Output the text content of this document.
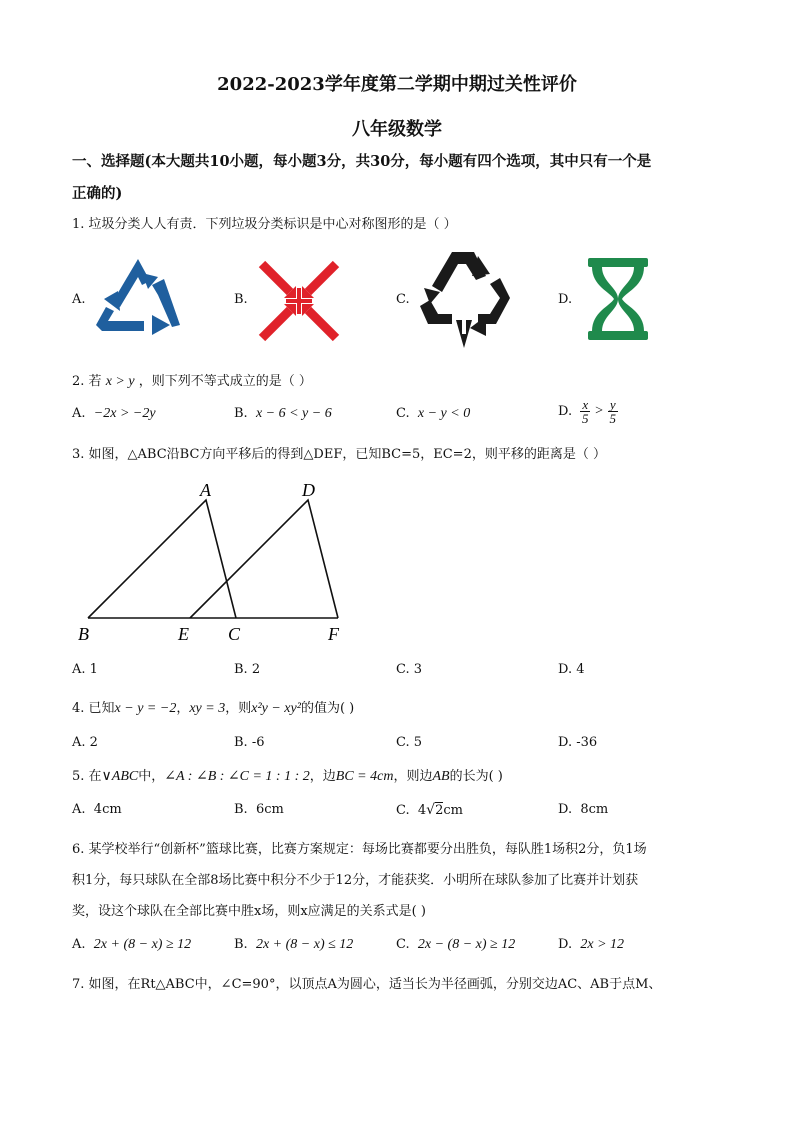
2022-2023学年度第二学期中期过关性评价
八年级数学
一、选择题(本大题共10小题，每小题3分，共30分，每小题有四个选项，其中只有一个是
正确的)
1. 垃圾分类人人有责．下列垃圾分类标识是中心对称图形的是（ ）
A.	B.	C.	D.
2. 若 x > y ，则下列不等式成立的是（ ）
A. −2x > −2y	B. x − 6 < y − 6	C. x − y < 0	D. $\frac{x}{5} > \frac{y}{5}$
3. 如图，△ABC沿BC方向平移后的得到△DEF，已知BC=5，EC=2，则平移的距离是（ ）
A	D
B	E C	F
A. 1	B. 2	C. 3	D. 4
4. 已知x − y = −2，xy = 3，则x²y − xy²的值为( )
A. 2	B. -6	C. 5	D. -36
5. 在∨ABC中，∠A : ∠B : ∠C = 1 : 1 : 2，边BC = 4cm，则边AB的长为( )
A. 4cm	B. 6cm	C. 4√2cm	D. 8cm
6. 某学校举行“创新杯”篮球比赛，比赛方案规定：每场比赛都要分出胜负，每队胜1场积2分，负1场
积1分，每只球队在全部8场比赛中积分不少于12分，才能获奖．小明所在球队参加了比赛并计划获
奖，设这个球队在全部比赛中胜x场，则x应满足的关系式是( )
A. 2x + (8 − x) ≥ 12	B. 2x + (8 − x) ≤ 12	C. 2x − (8 − x) ≥ 12	D. 2x > 12
7. 如图，在Rt△ABC中，∠C=90°，以顶点A为圆心，适当长为半径画弧，分别交边AC、AB于点M、
